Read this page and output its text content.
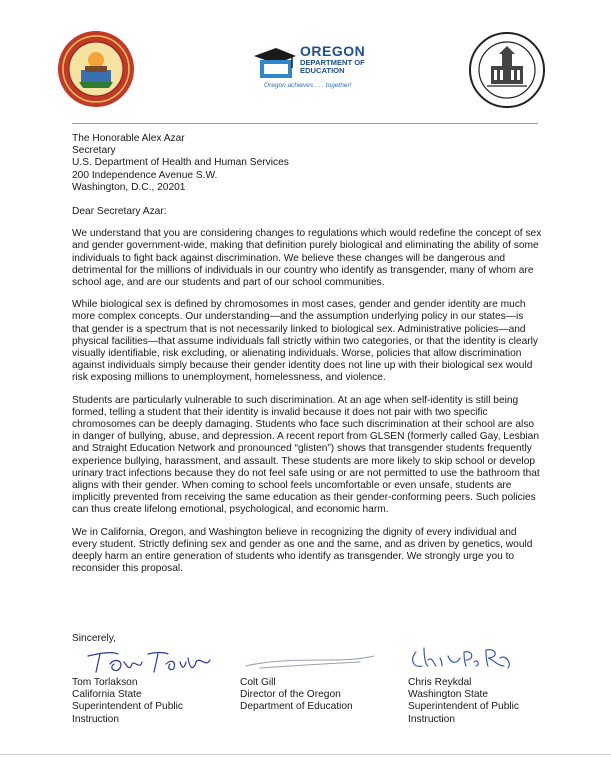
OREGON
DEPARTMENT OF
EDUCATION
Oregon achieves . . . together!
The Honorable Alex Azar
Secretary
U.S. Department of Health and Human Services
200 Independence Avenue S.W.
Washington, D.C., 20201
Dear Secretary Azar:
We understand that you are considering changes to regulations which would redefine the concept of sex and gender government-wide, making that definition purely biological and eliminating the ability of some individuals to fight back against discrimination. We believe these changes will be dangerous and detrimental for the millions of individuals in our country who identify as transgender, many of whom are school age, and are our students and part of our school communities.
While biological sex is defined by chromosomes in most cases, gender and gender identity are much more complex concepts. Our understanding—and the assumption underlying policy in our states—is that gender is a spectrum that is not necessarily linked to biological sex. Administrative policies—and physical facilities—that assume individuals fall strictly within two categories, or that the identity is clearly visually identifiable, risk excluding, or alienating individuals. Worse, policies that allow discrimination against individuals simply because their gender identity does not line up with their biological sex would risk exposing millions to unemployment, homelessness, and violence.
Students are particularly vulnerable to such discrimination. At an age when self-identity is still being formed, telling a student that their identity is invalid because it does not pair with two specific chromosomes can be deeply damaging. Students who face such discrimination at their school are also in danger of bullying, abuse, and depression. A recent report from GLSEN (formerly called Gay, Lesbian and Straight Education Network and pronounced “glisten”) shows that transgender students frequently experience bullying, harassment, and assault. These students are more likely to skip school or develop urinary tract infections because they do not feel safe using or are not permitted to use the bathroom that aligns with their gender. When coming to school feels uncomfortable or even unsafe, students are implicitly prevented from receiving the same education as their gender-conforming peers. Such policies can thus create lifelong emotional, psychological, and economic harm.
We in California, Oregon, and Washington believe in recognizing the dignity of every individual and every student. Strictly defining sex and gender as one and the same, and as driven by genetics, would deeply harm an entire generation of students who identify as transgender. We strongly urge you to reconsider this proposal.
Sincerely,
Tom Torlakson
California State
Superintendent of Public
Instruction
Colt Gill
Director of the Oregon
Department of Education
Chris Reykdal
Washington State
Superintendent of Public
Instruction
